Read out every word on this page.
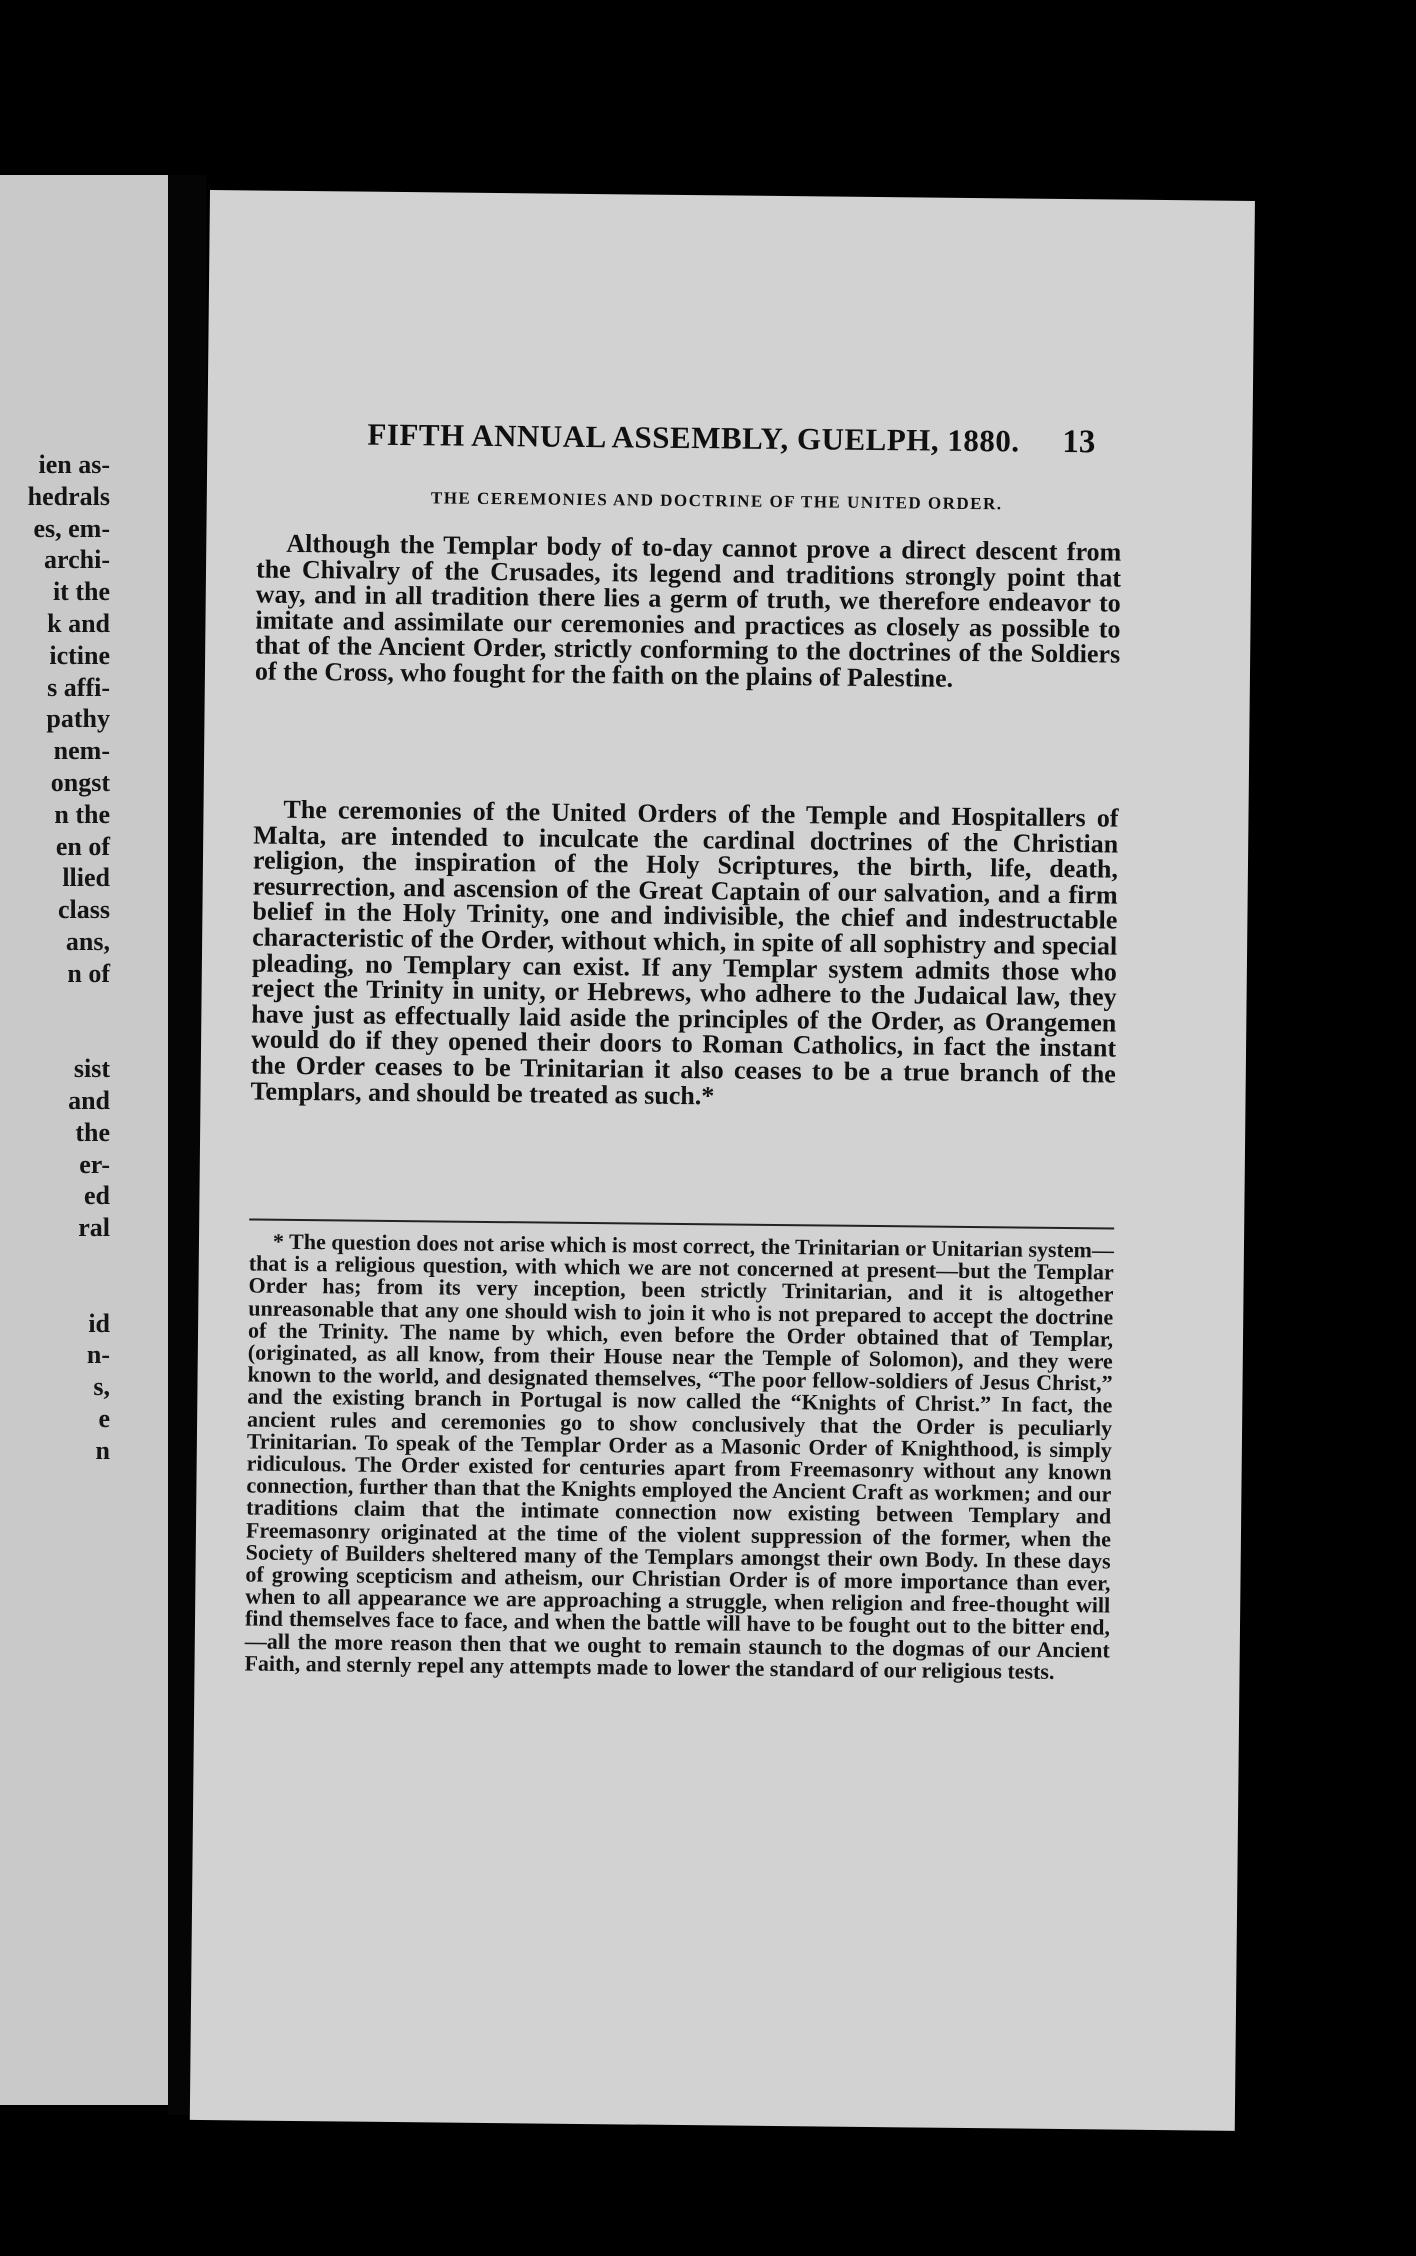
ien as-
hedrals
es, em-
archi-
it the
k and
ictine
s affi-
pathy
nem-
ongst
n the
en of
llied
class
ans,
n of
sist
and
the
er-
ed
ral
id
n-
s,
e
n
FIFTH ANNUAL ASSEMBLY, GUELPH, 1880.	13
THE CEREMONIES AND DOCTRINE OF THE UNITED ORDER.
Although the Templar body of to-day cannot prove a direct descent from the Chivalry of the Crusades, its legend and traditions strongly point that way, and in all tradition there lies a germ of truth, we therefore endeavor to imitate and assimilate our ceremonies and practices as closely as possible to that of the Ancient Order, strictly conforming to the doctrines of the Soldiers of the Cross, who fought for the faith on the plains of Palestine.
The ceremonies of the United Orders of the Temple and Hospitallers of Malta, are intended to inculcate the cardinal doctrines of the Christian religion, the inspiration of the Holy Scriptures, the birth, life, death, resurrection, and ascension of the Great Captain of our salvation, and a firm belief in the Holy Trinity, one and indivisible, the chief and indestructable characteristic of the Order, without which, in spite of all sophistry and special pleading, no Templary can exist. If any Templar system admits those who reject the Trinity in unity, or Hebrews, who adhere to the Judaical law, they have just as effectually laid aside the principles of the Order, as Orangemen would do if they opened their doors to Roman Catholics, in fact the instant the Order ceases to be Trinitarian it also ceases to be a true branch of the Templars, and should be treated as such.*
* The question does not arise which is most correct, the Trinitarian or Unitarian system—that is a religious question, with which we are not concerned at present—but the Templar Order has; from its very inception, been strictly Trinitarian, and it is altogether unreasonable that any one should wish to join it who is not prepared to accept the doctrine of the Trinity. The name by which, even before the Order obtained that of Templar, (originated, as all know, from their House near the Temple of Solomon), and they were known to the world, and designated themselves, “The poor fellow-soldiers of Jesus Christ,” and the existing branch in Portugal is now called the “Knights of Christ.” In fact, the ancient rules and ceremonies go to show conclusively that the Order is peculiarly Trinitarian. To speak of the Templar Order as a Masonic Order of Knighthood, is simply ridiculous. The Order existed for centuries apart from Freemasonry without any known connection, further than that the Knights employed the Ancient Craft as workmen; and our traditions claim that the intimate connection now existing between Templary and Freemasonry originated at the time of the violent suppression of the former, when the Society of Builders sheltered many of the Templars amongst their own Body. In these days of growing scepticism and atheism, our Christian Order is of more importance than ever, when to all appearance we are approaching a struggle, when religion and free-thought will find themselves face to face, and when the battle will have to be fought out to the bitter end,—all the more reason then that we ought to remain staunch to the dogmas of our Ancient Faith, and sternly repel any attempts made to lower the standard of our religious tests.
